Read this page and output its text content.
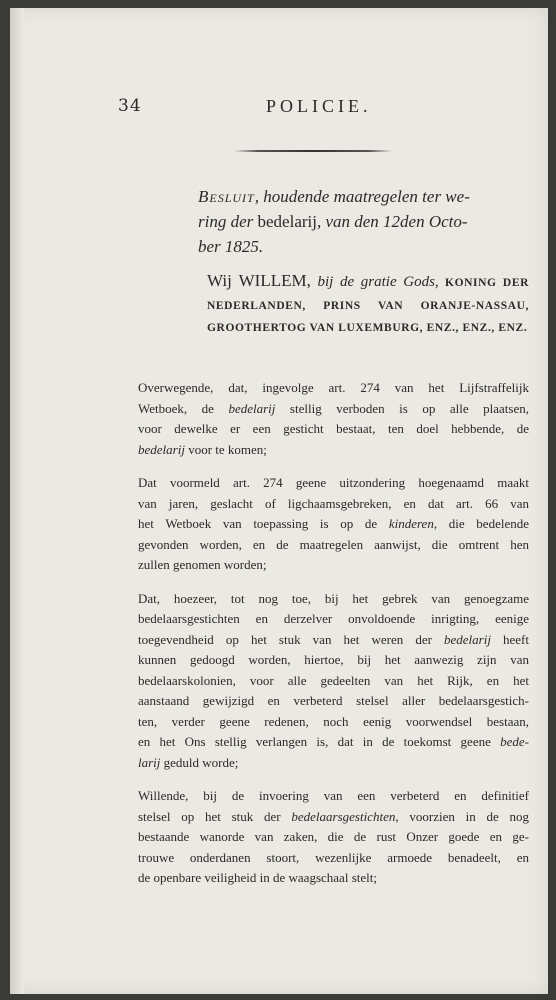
34	POLICIE.
Besluit, houdende maatregelen ter we-
ring der bedelarij, van den 12den Octo-
ber 1825.
Wij WILLEM, bij de gratie Gods, KONING DER NEDERLANDEN, PRINS VAN ORANJE-NASSAU, GROOTHERTOG VAN LUXEMBURG, ENZ., ENZ., ENZ.

Overwegende, dat, ingevolge art. 274 van het Lijfstraffelijk
Wetboek, de bedelarij stellig verboden is op alle plaatsen,
voor dewelke er een gesticht bestaat, ten doel hebbende, de
bedelarij voor te komen;

Dat voormeld art. 274 geene uitzondering hoegenaamd maakt
van jaren, geslacht of ligchaamsgebreken, en dat art. 66 van
het Wetboek van toepassing is op de kinderen, die bedelende
gevonden worden, en de maatregelen aanwijst, die omtrent hen
zullen genomen worden;

Dat, hoezeer, tot nog toe, bij het gebrek van genoegzame
bedelaarsgestichten en derzelver onvoldoende inrigting, eenige
toegevendheid op het stuk van het weren der bedelarij heeft
kunnen gedoogd worden, hiertoe, bij het aanwezig zijn van
bedelaarskolonien, voor alle gedeelten van het Rijk, en het
aanstaand gewijzigd en verbeterd stelsel aller bedelaarsgestich-
ten, verder geene redenen, noch eenig voorwendsel bestaan,
en het Ons stellig verlangen is, dat in de toekomst geene bede-
larij geduld worde;

Willende, bij de invoering van een verbeterd en definitief
stelsel op het stuk der bedelaarsgestichten, voorzien in de nog
bestaande wanorde van zaken, die de rust Onzer goede en ge-
trouwe onderdanen stoort, wezenlijke armoede benadeelt, en
de openbare veiligheid in de waagschaal stelt;
